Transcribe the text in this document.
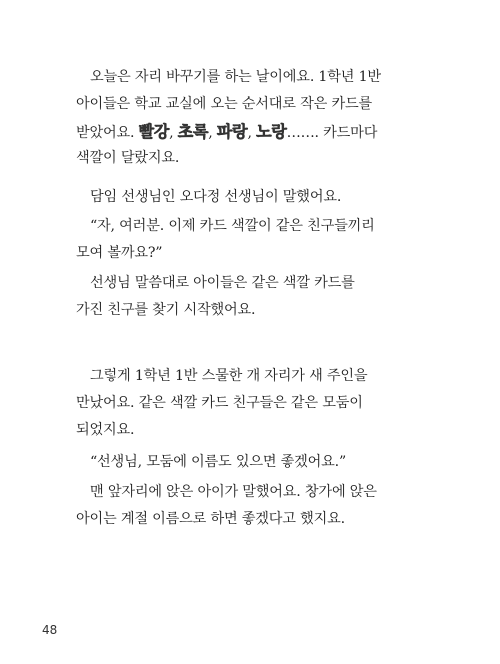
오늘은 자리 바꾸기를 하는 날이에요. 1학년 1반
아이들은 학교 교실에 오는 순서대로 작은 카드를
받았어요. 빨강, 초록, 파랑, 노랑……. 카드마다
색깔이 달랐지요.
담임 선생님인 오다정 선생님이 말했어요.
“자, 여러분. 이제 카드 색깔이 같은 친구들끼리
모여 볼까요?”
선생님 말씀대로 아이들은 같은 색깔 카드를
가진 친구를 찾기 시작했어요.
그렇게 1학년 1반 스물한 개 자리가 새 주인을
만났어요. 같은 색깔 카드 친구들은 같은 모둠이
되었지요.
“선생님, 모둠에 이름도 있으면 좋겠어요.”
맨 앞자리에 앉은 아이가 말했어요. 창가에 앉은
아이는 계절 이름으로 하면 좋겠다고 했지요.
48
